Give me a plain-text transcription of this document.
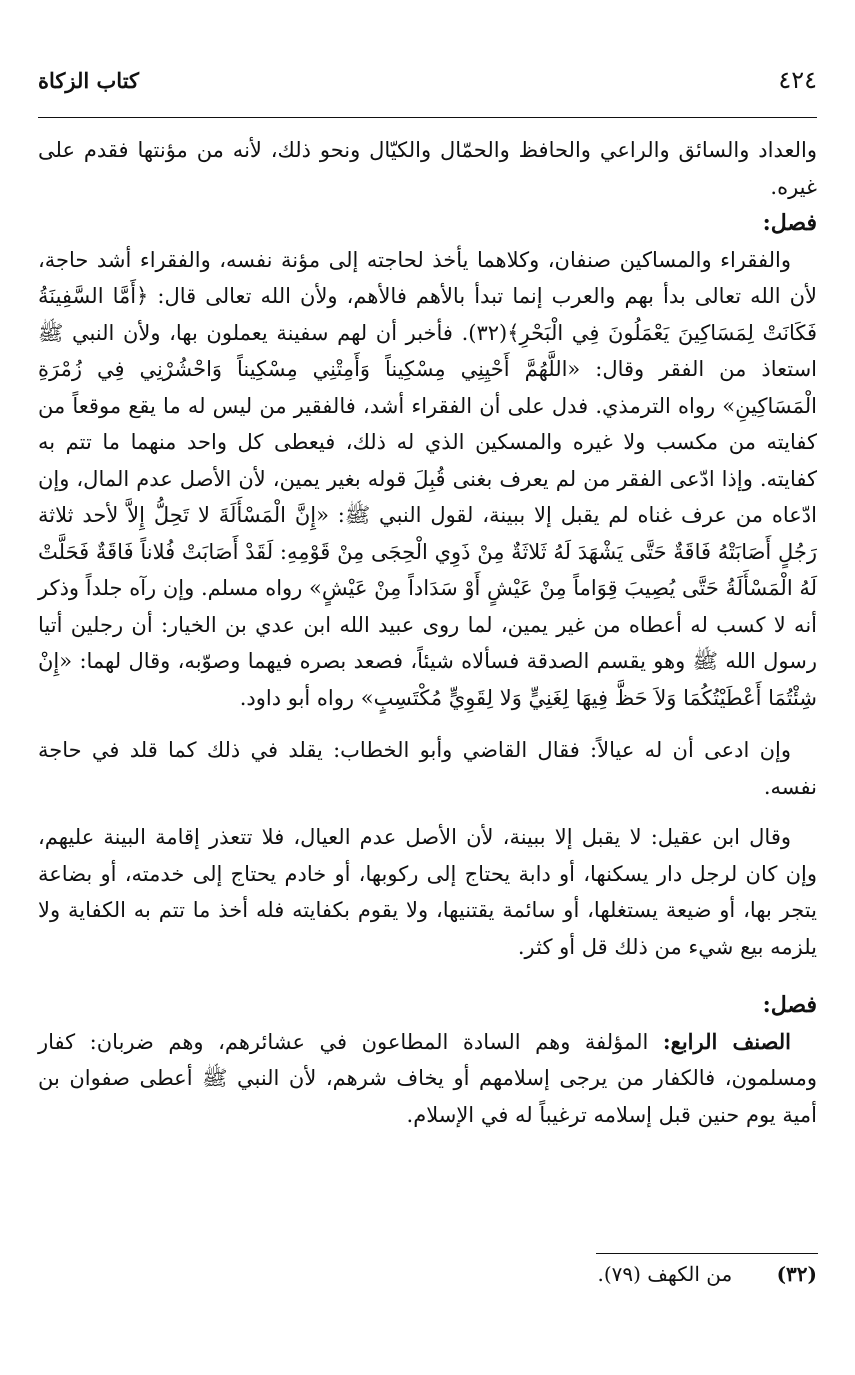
٤٢٤
كتاب الزكاة

والعداد والسائق والراعي والحافظ والحمّال والكيّال ونحو ذلك، لأنه من مؤنتها فقدم على غيره.

فصل:

والفقراء والمساكين صنفان، وكلاهما يأخذ لحاجته إلى مؤنة نفسه، والفقراء أشد حاجة، لأن الله تعالى بدأ بهم والعرب إنما تبدأ بالأهم فالأهم، ولأن الله تعالى قال: ﴿أَمَّا السَّفِينَةُ فَكَانَتْ لِمَسَاكِينَ يَعْمَلُونَ فِي الْبَحْرِ﴾(٣٢). فأخبر أن لهم سفينة يعملون بها، ولأن النبي ﷺ استعاذ من الفقر وقال: «اللَّهُمَّ أَحْيِنِي مِسْكِيناً وَأَمِتْنِي مِسْكِيناً وَاحْشُرْنِي فِي زُمْرَةِ الْمَسَاكِينِ» رواه الترمذي. فدل على أن الفقراء أشد، فالفقير من ليس له ما يقع موقعاً من كفايته من مكسب ولا غيره والمسكين الذي له ذلك، فيعطى كل واحد منهما ما تتم به كفايته. وإذا ادّعى الفقر من لم يعرف بغنى قُبِلَ قوله بغير يمين، لأن الأصل عدم المال، وإن ادّعاه من عرف غناه لم يقبل إلا ببينة، لقول النبي ﷺ: «إِنَّ الْمَسْأَلَةَ لا تَحِلُّ إِلاَّ لأحد ثلاثة رَجُلٍ أَصَابَتْهُ فَاقَةٌ حَتَّى يَشْهَدَ لَهُ ثَلاثَةٌ مِنْ ذَوِي الْحِجَى مِنْ قَوْمِهِ: لَقَدْ أَصَابَتْ فُلاناً فَاقَةٌ فَحَلَّتْ لَهُ الْمَسْأَلَةُ حَتَّى يُصِيبَ قِوَاماً مِنْ عَيْشٍ أَوْ سَدَاداً مِنْ عَيْشٍ» رواه مسلم. وإن رآه جلداً وذكر أنه لا كسب له أعطاه من غير يمين، لما روى عبيد الله ابن عدي بن الخيار: أن رجلين أتيا رسول الله ﷺ وهو يقسم الصدقة فسألاه شيئاً، فصعد بصره فيهما وصوّبه، وقال لهما: «إِنْ شِئْتُمَا أَعْطَيْتُكُمَا وَلاَ حَظَّ فِيهَا لِغَنِيٍّ وَلا لِقَوِيٍّ مُكْتَسِبٍ» رواه أبو داود.

وإن ادعى أن له عيالاً: فقال القاضي وأبو الخطاب: يقلد في ذلك كما قلد في حاجة نفسه.

وقال ابن عقيل: لا يقبل إلا ببينة، لأن الأصل عدم العيال، فلا تتعذر إقامة البينة عليهم، وإن كان لرجل دار يسكنها، أو دابة يحتاج إلى ركوبها، أو خادم يحتاج إلى خدمته، أو بضاعة يتجر بها، أو ضيعة يستغلها، أو سائمة يقتنيها، ولا يقوم بكفايته فله أخذ ما تتم به الكفاية ولا يلزمه بيع شيء من ذلك قل أو كثر.

فصل:

الصنف الرابع: المؤلفة وهم السادة المطاعون في عشائرهم، وهم ضربان: كفار ومسلمون، فالكفار من يرجى إسلامهم أو يخاف شرهم، لأن النبي ﷺ أعطى صفوان بن أمية يوم حنين قبل إسلامه ترغيباً له في الإسلام.

(٣٢) من الكهف (٧٩).
